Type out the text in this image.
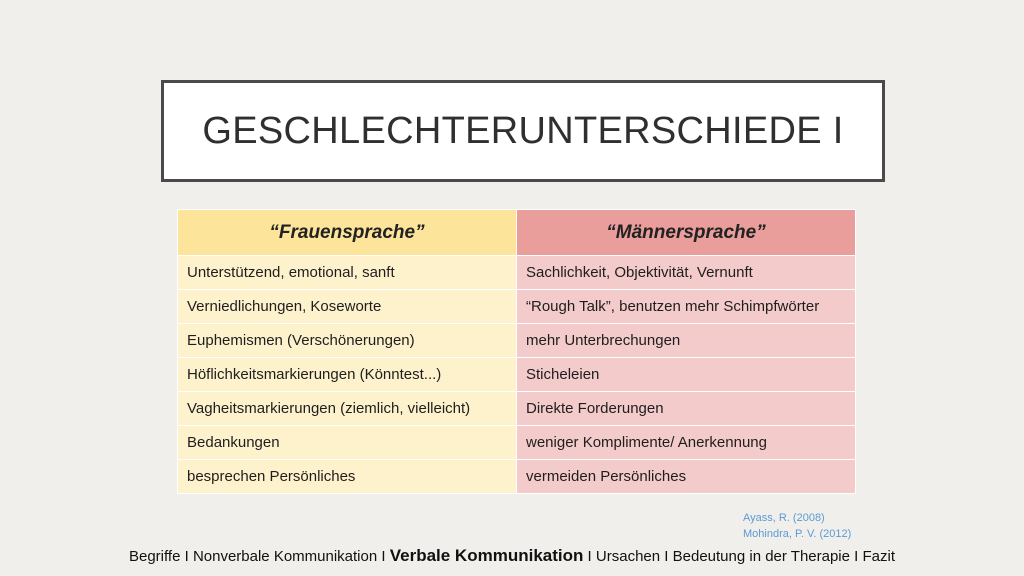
GESCHLECHTERUNTERSCHIEDE I
“Frauensprache”	“Männersprache”
Unterstützend, emotional, sanft	Sachlichkeit, Objektivität, Vernunft
Verniedlichungen, Koseworte	“Rough Talk”, benutzen mehr Schimpfwörter
Euphemismen (Verschönerungen)	mehr Unterbrechungen
Höflichkeitsmarkierungen (Könntest...)	Sticheleien
Vagheitsmarkierungen (ziemlich, vielleicht)	Direkte Forderungen
Bedankungen	weniger Komplimente/ Anerkennung
besprechen Persönliches	vermeiden Persönliches
Ayass, R. (2008)
Mohindra, P. V. (2012)
Begriffe I Nonverbale Kommunikation I Verbale Kommunikation I Ursachen I Bedeutung in der Therapie I Fazit
